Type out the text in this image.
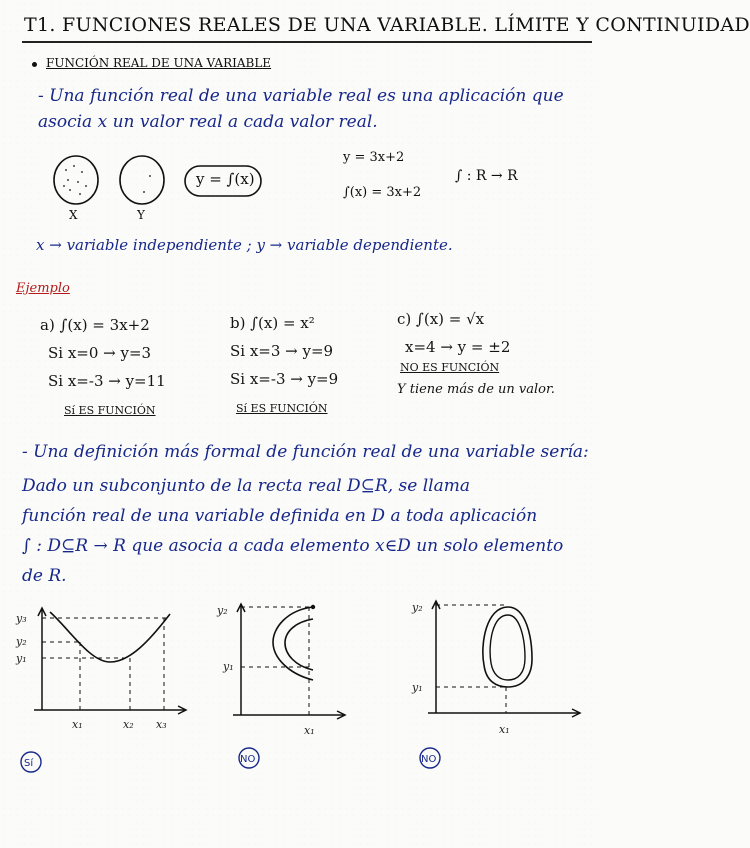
T1. FUNCIONES REALES DE UNA VARIABLE. LÍMITE Y CONTINUIDAD
FUNCIÓN REAL DE UNA VARIABLE
- Una función real de una variable real es una aplicación que
asocia x un valor real a cada valor real.
X	Y
y = ∫(x)
y = 3x+2
∫(x) = 3x+2
∫ : R → R
x → variable independiente ; y → variable dependiente.
Ejemplo
a) ∫(x) = 3x+2
Si x=0 → y=3
Si x=-3 → y=11
Sí ES FUNCIÓN
b) ∫(x) = x²
Si x=3 → y=9
Si x=-3 → y=9
Sí ES FUNCIÓN
c) ∫(x) = √x
x=4 → y = ±2
NO ES FUNCIÓN
Y tiene más de un valor.
- Una definición más formal de función real de una variable sería:
Dado un subconjunto de la recta real D⊆R, se llama
función real de una variable definida en D a toda aplicación
∫ : D⊆R → R que asocia a cada elemento x∈D un solo elemento
de R.
y₃
y₂
y₁
x₁	x₂ x₃
Sí
y₂
y₁
x₁
NO
y₂
y₁
x₁
NO
